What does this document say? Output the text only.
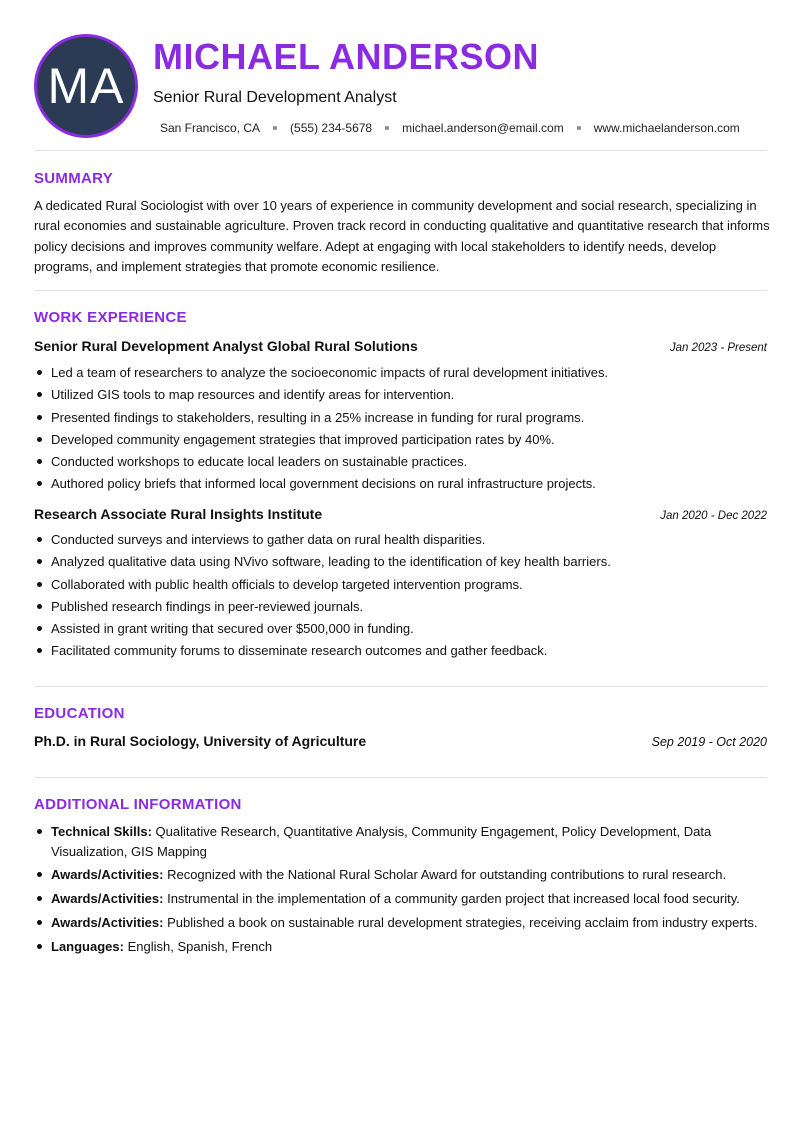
MA
MICHAEL ANDERSON
Senior Rural Development Analyst
San Francisco, CA	(555) 234-5678	michael.anderson@email.com	www.michaelanderson.com
SUMMARY

A dedicated Rural Sociologist with over 10 years of experience in community development and social research, specializing in rural economies and sustainable agriculture. Proven track record in conducting qualitative and quantitative research that informs policy decisions and improves community welfare. Adept at engaging with local stakeholders to identify needs, develop programs, and implement strategies that promote economic resilience.

WORK EXPERIENCE
Senior Rural Development Analyst Global Rural Solutions	Jan 2023 - Present
Led a team of researchers to analyze the socioeconomic impacts of rural development initiatives.
Utilized GIS tools to map resources and identify areas for intervention.
Presented findings to stakeholders, resulting in a 25% increase in funding for rural programs.
Developed community engagement strategies that improved participation rates by 40%.
Conducted workshops to educate local leaders on sustainable practices.
Authored policy briefs that informed local government decisions on rural infrastructure projects.
Research Associate Rural Insights Institute	Jan 2020 - Dec 2022
Conducted surveys and interviews to gather data on rural health disparities.
Analyzed qualitative data using NVivo software, leading to the identification of key health barriers.
Collaborated with public health officials to develop targeted intervention programs.
Published research findings in peer-reviewed journals.
Assisted in grant writing that secured over $500,000 in funding.
Facilitated community forums to disseminate research outcomes and gather feedback.
EDUCATION
Ph.D. in Rural Sociology, University of Agriculture	Sep 2019 - Oct 2020
ADDITIONAL INFORMATION
Technical Skills: Qualitative Research, Quantitative Analysis, Community Engagement, Policy Development, Data Visualization, GIS Mapping
Awards/Activities: Recognized with the National Rural Scholar Award for outstanding contributions to rural research.
Awards/Activities: Instrumental in the implementation of a community garden project that increased local food security.
Awards/Activities: Published a book on sustainable rural development strategies, receiving acclaim from industry experts.
Languages: English, Spanish, French
